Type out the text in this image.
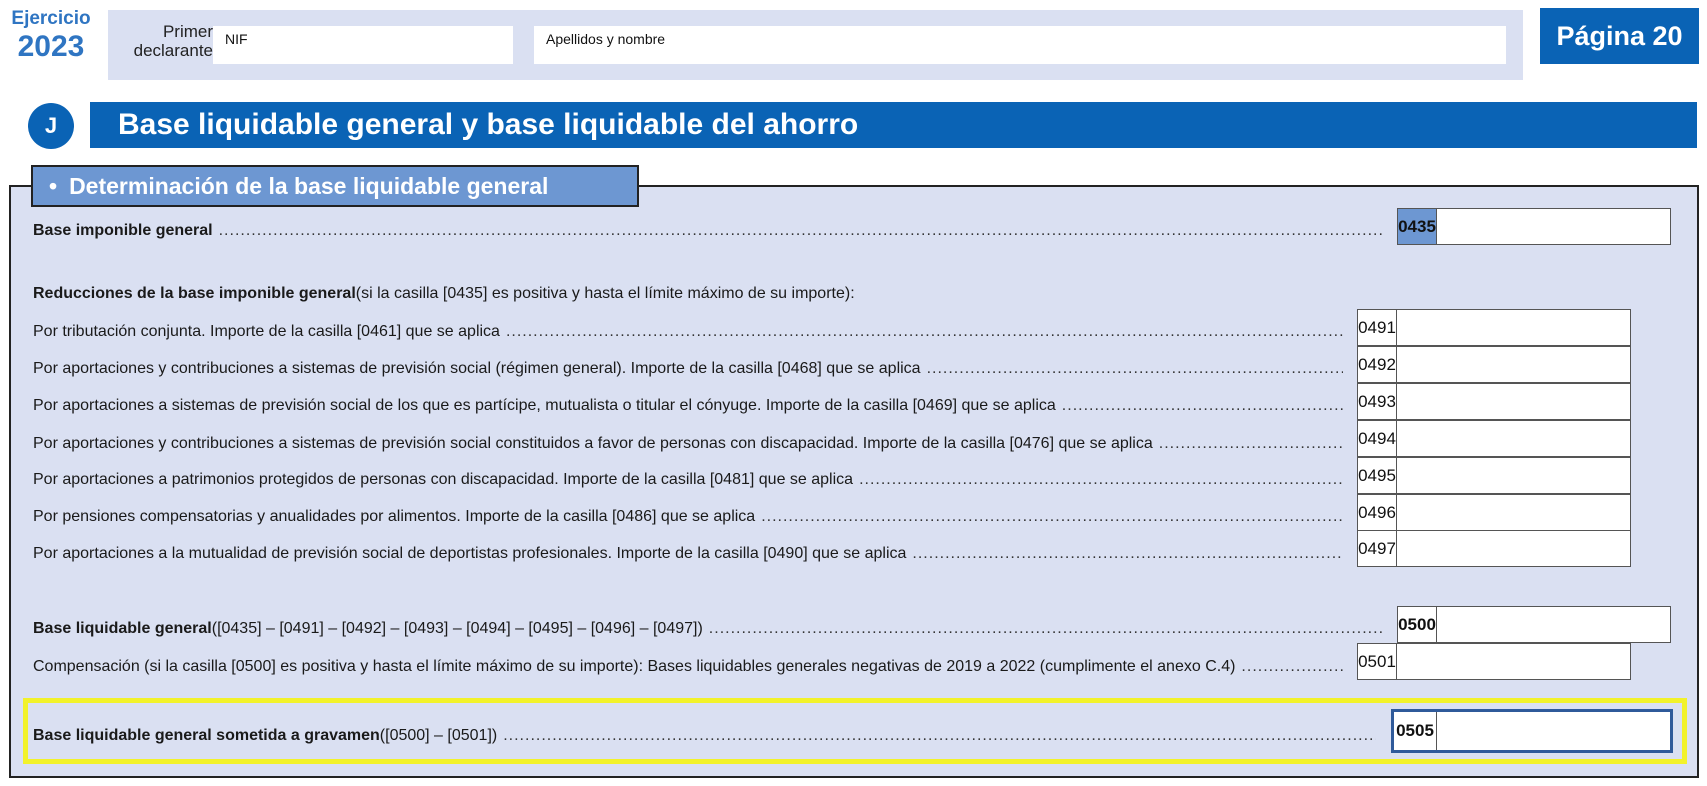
Ejercicio
2023	Primer declarante
NIF	Apellidos y nombre	Página 20
J	Base liquidable general y base liquidable del ahorro
• Determinación de la base liquidable general
Base imponible general .....	0435
Reducciones de la base imponible general (si la casilla [0435] es positiva y hasta el límite máximo de su importe):
Por tributación conjunta. Importe de la casilla [0461] que se aplica .....	0491
Por aportaciones y contribuciones a sistemas de previsión social (régimen general). Importe de la casilla [0468] que se aplica .....	0492
Por aportaciones a sistemas de previsión social de los que es partícipe, mutualista o titular el cónyuge. Importe de la casilla [0469] que se aplica .....	0493
Por aportaciones y contribuciones a sistemas de previsión social constituidos a favor de personas con discapacidad. Importe de la casilla [0476] que se aplica .....	0494
Por aportaciones a patrimonios protegidos de personas con discapacidad. Importe de la casilla [0481] que se aplica .....	0495
Por pensiones compensatorias y anualidades por alimentos. Importe de la casilla [0486] que se aplica .....	0496
Por aportaciones a la mutualidad de previsión social de deportistas profesionales. Importe de la casilla [0490] que se aplica .....	0497
Base liquidable general ([0435] – [0491] – [0492] – [0493] – [0494] – [0495] – [0496] – [0497]) .....	0500
Compensación (si la casilla [0500] es positiva y hasta el límite máximo de su importe): Bases liquidables generales negativas de 2019 a 2022 (cumplimente el anexo C.4) .....	0501
Base liquidable general sometida a gravamen ([0500] – [0501]) .....	0505
